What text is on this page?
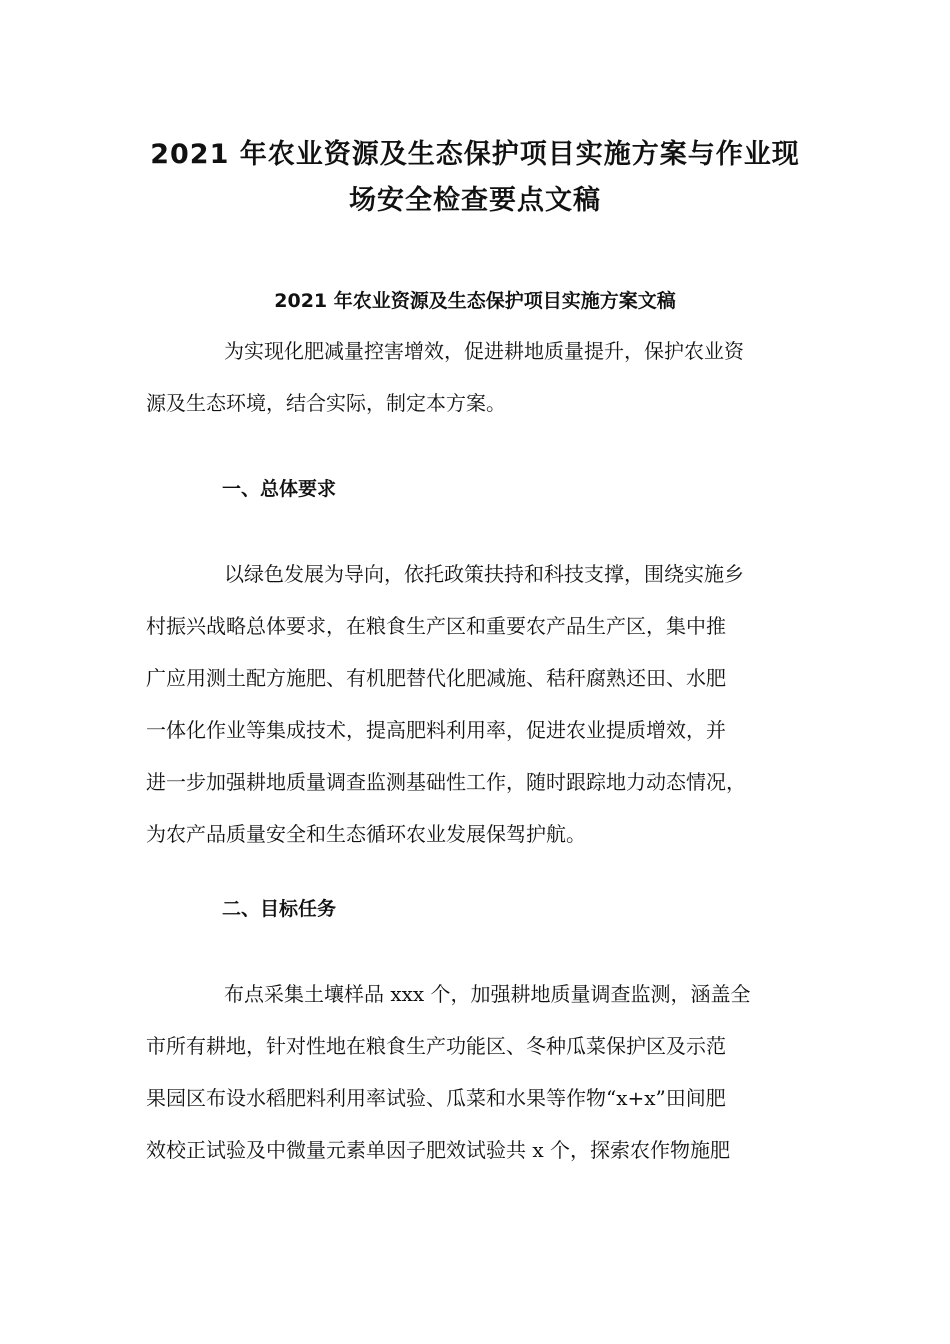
2021 年农业资源及生态保护项目实施方案与作业现
场安全检查要点文稿
2021 年农业资源及生态保护项目实施方案文稿
为实现化肥减量控害增效，促进耕地质量提升，保护农业资
源及生态环境，结合实际，制定本方案。
一、总体要求
以绿色发展为导向，依托政策扶持和科技支撑，围绕实施乡
村振兴战略总体要求，在粮食生产区和重要农产品生产区，集中推
广应用测土配方施肥、有机肥替代化肥减施、秸秆腐熟还田、水肥
一体化作业等集成技术，提高肥料利用率，促进农业提质增效，并
进一步加强耕地质量调查监测基础性工作，随时跟踪地力动态情况，
为农产品质量安全和生态循环农业发展保驾护航。
二、目标任务
布点采集土壤样品 xxx 个，加强耕地质量调查监测，涵盖全
市所有耕地，针对性地在粮食生产功能区、冬种瓜菜保护区及示范
果园区布设水稻肥料利用率试验、瓜菜和水果等作物“x+x”田间肥
效校正试验及中微量元素单因子肥效试验共 x 个，探索农作物施肥
